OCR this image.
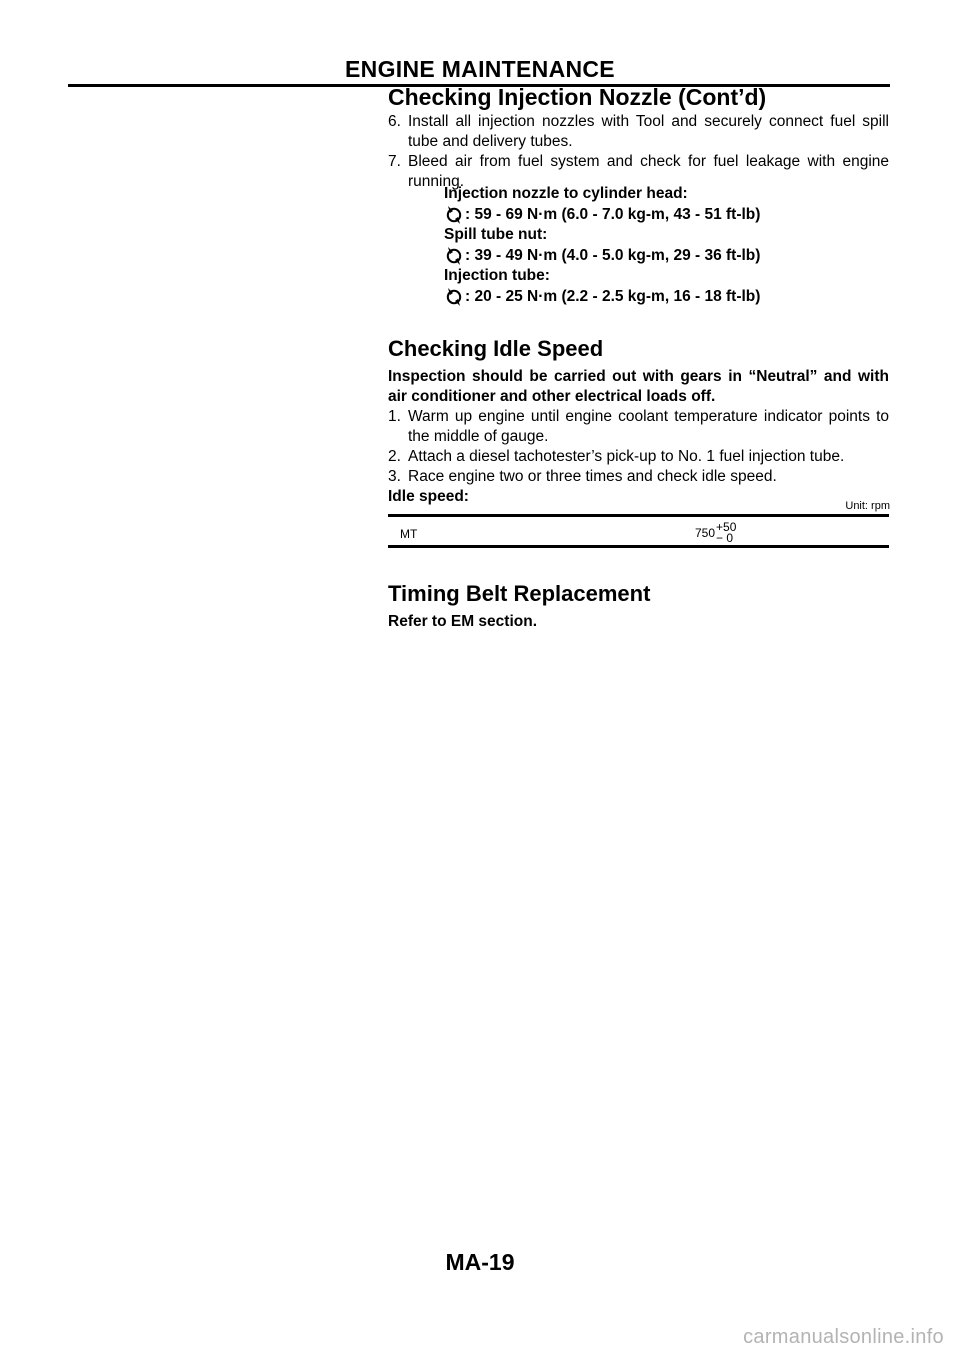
ENGINE MAINTENANCE
Checking Injection Nozzle (Cont’d)
6. Install all injection nozzles with Tool and securely connect fuel spill tube and delivery tubes.
7. Bleed air from fuel system and check for fuel leakage with engine running.
Injection nozzle to cylinder head:
: 59 - 69 N·m (6.0 - 7.0 kg-m, 43 - 51 ft-lb)
Spill tube nut:
: 39 - 49 N·m (4.0 - 5.0 kg-m, 29 - 36 ft-lb)
Injection tube:
: 20 - 25 N·m (2.2 - 2.5 kg-m, 16 - 18 ft-lb)
Checking Idle Speed
Inspection should be carried out with gears in “Neutral” and with air conditioner and other electrical loads off.
1. Warm up engine until engine coolant temperature indicator points to the middle of gauge.
2. Attach a diesel tachotester’s pick-up to No. 1 fuel injection tube.
3. Race engine two or three times and check idle speed.
Idle speed:
Unit: rpm
MT	750 +50
− 0
Timing Belt Replacement
Refer to EM section.
MA-19
carmanualsonline.info
